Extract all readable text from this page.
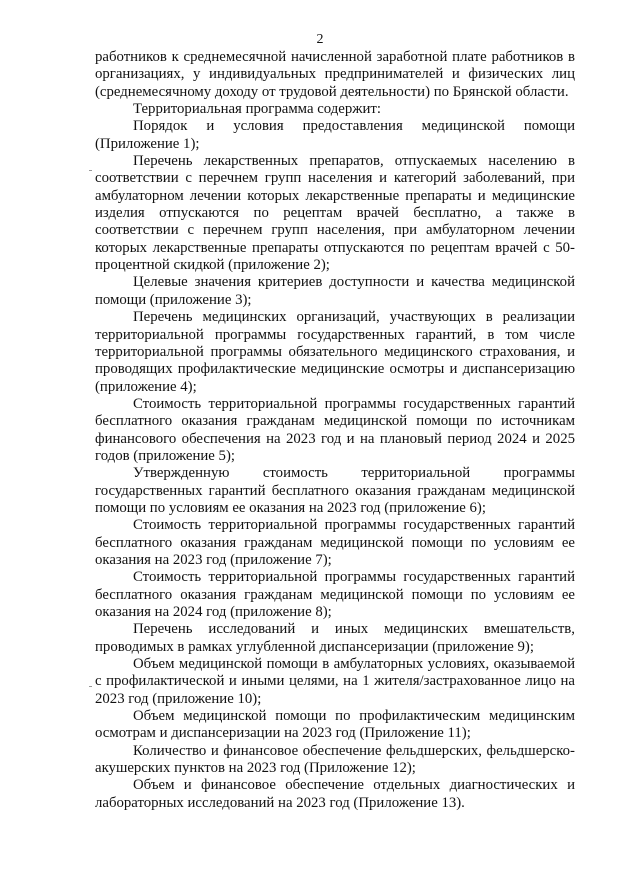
2

работников к среднемесячной начисленной заработной плате работников в организациях, у индивидуальных предпринимателей и физических лиц (среднемесячному доходу от трудовой деятельности) по Брянской области.

Территориальная программа содержит:

Порядок и условия предоставления медицинской помощи (Приложение 1);

Перечень лекарственных препаратов, отпускаемых населению в соответствии с перечнем групп населения и категорий заболеваний, при амбулаторном лечении которых лекарственные препараты и медицинские изделия отпускаются по рецептам врачей бесплатно, а также в соответствии с перечнем групп населения, при амбулаторном лечении которых лекарственные препараты отпускаются по рецептам врачей с 50-процентной скидкой (приложение 2);

Целевые значения критериев доступности и качества медицинской помощи (приложение 3);

Перечень медицинских организаций, участвующих в реализации территориальной программы государственных гарантий, в том числе территориальной программы обязательного медицинского страхования, и проводящих профилактические медицинские осмотры и диспансеризацию (приложение 4);

Стоимость территориальной программы государственных гарантий бесплатного оказания гражданам медицинской помощи по источникам финансового обеспечения на 2023 год и на плановый период 2024 и 2025 годов (приложение 5);

Утвержденную стоимость территориальной программы государственных гарантий бесплатного оказания гражданам медицинской помощи по условиям ее оказания на 2023 год (приложение 6);

Стоимость территориальной программы государственных гарантий бесплатного оказания гражданам медицинской помощи по условиям ее оказания на 2023 год (приложение 7);

Стоимость территориальной программы государственных гарантий бесплатного оказания гражданам медицинской помощи по условиям ее оказания на 2024 год (приложение 8);

Перечень исследований и иных медицинских вмешательств, проводимых в рамках углубленной диспансеризации (приложение 9);

Объем медицинской помощи в амбулаторных условиях, оказываемой с профилактической и иными целями, на 1 жителя/застрахованное лицо на 2023 год (приложение 10);

Объем медицинской помощи по профилактическим медицинским осмотрам и диспансеризации на 2023 год (Приложение 11);

Количество и финансовое обеспечение фельдшерских, фельдшерско-акушерских пунктов на 2023 год (Приложение 12);

Объем и финансовое обеспечение отдельных диагностических и лабораторных исследований на 2023 год (Приложение 13).
